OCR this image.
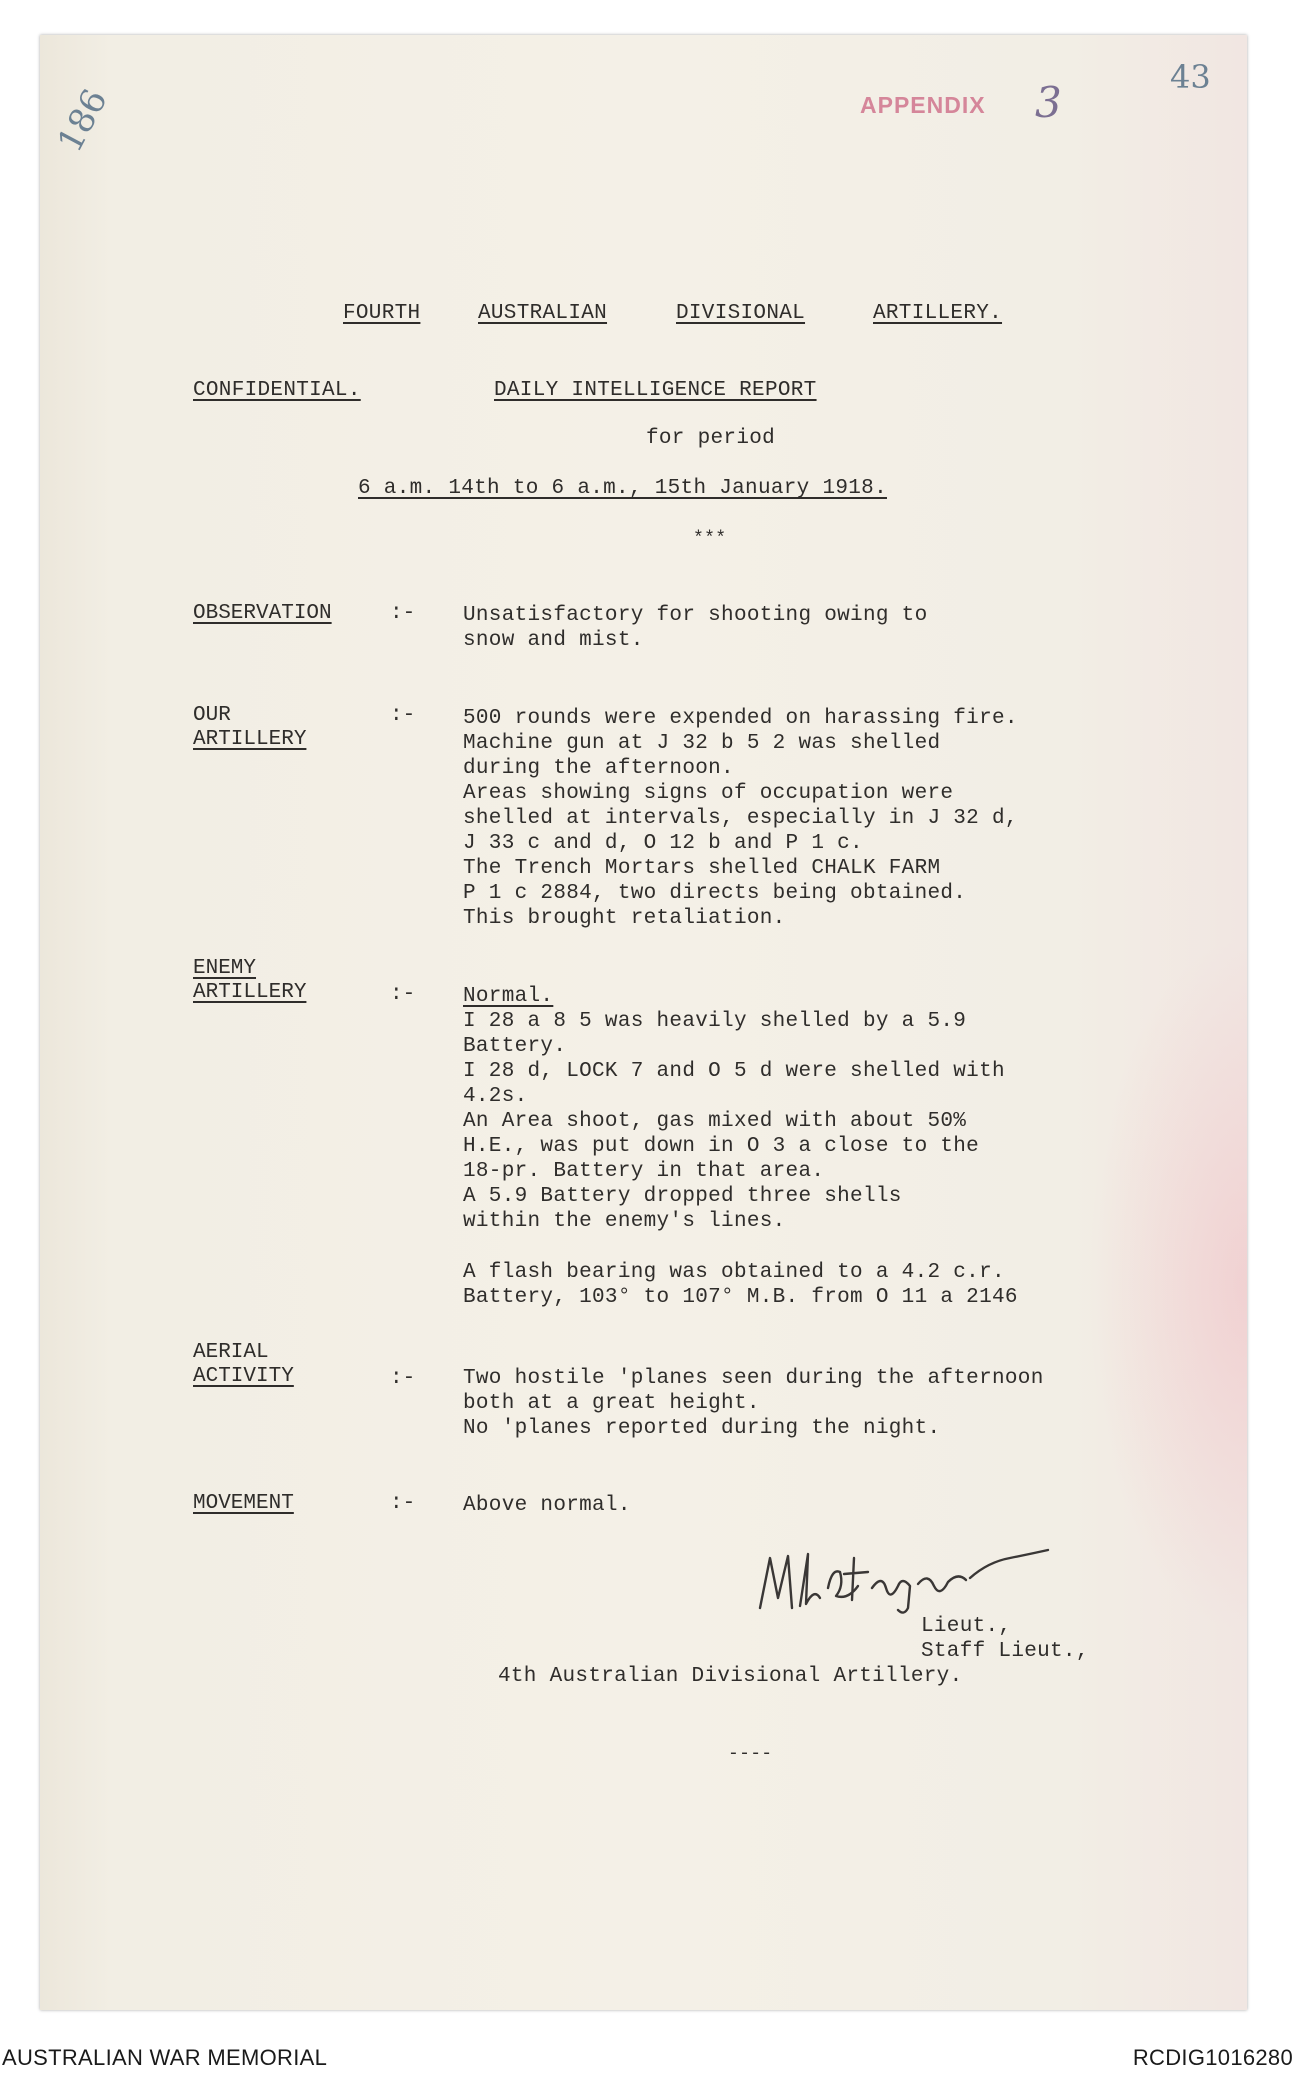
43
186	APPENDIX 3
FOURTH	AUSTRALIAN	DIVISIONAL	ARTILLERY.
CONFIDENTIAL.	DAILY INTELLIGENCE REPORT
for period
6 a.m. 14th to 6 a.m., 15th January 1918.
***
OBSERVATION	:- Unsatisfactory for shooting owing to
snow and mist.
OUR
ARTILLERY
:- 500 rounds were expended on harassing fire.
Machine gun at J 32 b 5 2 was shelled
during the afternoon.
Areas showing signs of occupation were
shelled at intervals, especially in J 32 d,
J 33 c and d, O 12 b and P 1 c.
The Trench Mortars shelled CHALK FARM
P 1 c 2884, two directs being obtained.
This brought retaliation.
ENEMY
ARTILLERY	:- Normal.
I 28 a 8 5 was heavily shelled by a 5.9
Battery.
I 28 d, LOCK 7 and O 5 d were shelled with
4.2s.
An Area shoot, gas mixed with about 50%
H.E., was put down in O 3 a close to the
18-pr. Battery in that area.
A 5.9 Battery dropped three shells
within the enemy's lines.
A flash bearing was obtained to a 4.2 c.r.
Battery, 103° to 107° M.B. from O 11 a 2146
AERIAL
ACTIVITY	:- Two hostile 'planes seen during the afternoon
both at a great height.
No 'planes reported during the night.
MOVEMENT	:- Above normal.
Lieut.,
Staff Lieut.,
4th Australian Divisional Artillery.
----
AUSTRALIAN WAR MEMORIAL	RCDIG1016280
